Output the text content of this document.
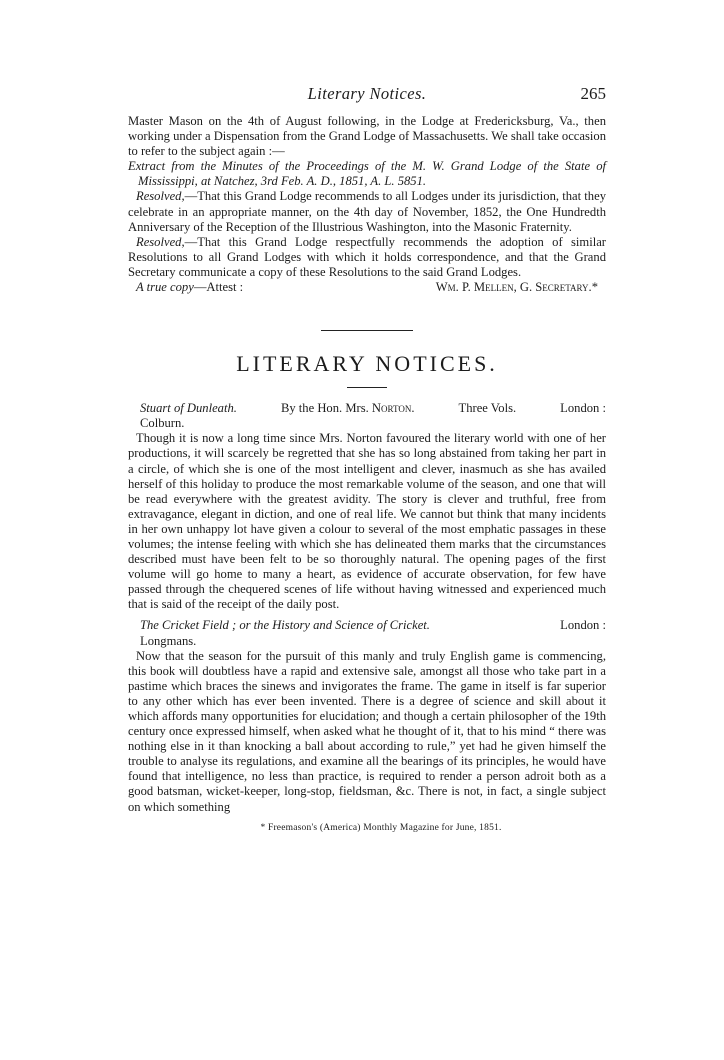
Literary Notices.	265

Master Mason on the 4th of August following, in the Lodge at Fredericksburg, Va., then working under a Dispensation from the Grand Lodge of Massachusetts. We shall take occasion to refer to the subject again :—

Extract from the Minutes of the Proceedings of the M. W. Grand Lodge of the State of Mississippi, at Natchez, 3rd Feb. A. D., 1851, A. L. 5851.

Resolved,—That this Grand Lodge recommends to all Lodges under its jurisdiction, that they celebrate in an appropriate manner, on the 4th day of November, 1852, the One Hundredth Anniversary of the Reception of the Illustrious Washington, into the Masonic Fraternity.

Resolved,—That this Grand Lodge respectfully recommends the adoption of similar Resolutions to all Grand Lodges with which it holds correspondence, and that the Grand Secretary communicate a copy of these Resolutions to the said Grand Lodges.

A true copy—Attest :	Wm. P. Mellen, G. Secretary.*
LITERARY NOTICES.
Stuart of Dunleath.	By the Hon. Mrs. Norton.	Three Vols.	London :
Colburn.

Though it is now a long time since Mrs. Norton favoured the literary world with one of her productions, it will scarcely be regretted that she has so long abstained from taking her part in a circle, of which she is one of the most intelligent and clever, inasmuch as she has availed herself of this holiday to produce the most remarkable volume of the season, and one that will be read everywhere with the greatest avidity. The story is clever and truthful, free from extravagance, elegant in diction, and one of real life. We cannot but think that many incidents in her own unhappy lot have given a colour to several of the most emphatic passages in these volumes; the intense feeling with which she has delineated them marks that the circumstances described must have been felt to be so thoroughly natural. The opening pages of the first volume will go home to many a heart, as evidence of accurate observation, for few have passed through the chequered scenes of life without having witnessed and experienced much that is said of the receipt of the daily post.

The Cricket Field ; or the History and Science of Cricket.	London :
Longmans.

Now that the season for the pursuit of this manly and truly English game is commencing, this book will doubtless have a rapid and extensive sale, amongst all those who take part in a pastime which braces the sinews and invigorates the frame. The game in itself is far superior to any other which has ever been invented. There is a degree of science and skill about it which affords many opportunities for elucidation; and though a certain philosopher of the 19th century once expressed himself, when asked what he thought of it, that to his mind “ there was nothing else in it than knocking a ball about according to rule,” yet had he given himself the trouble to analyse its regulations, and examine all the bearings of its principles, he would have found that intelligence, no less than practice, is required to render a person adroit both as a good batsman, wicket-keeper, long-stop, fieldsman, &c. There is not, in fact, a single subject on which something

* Freemason's (America) Monthly Magazine for June, 1851.
